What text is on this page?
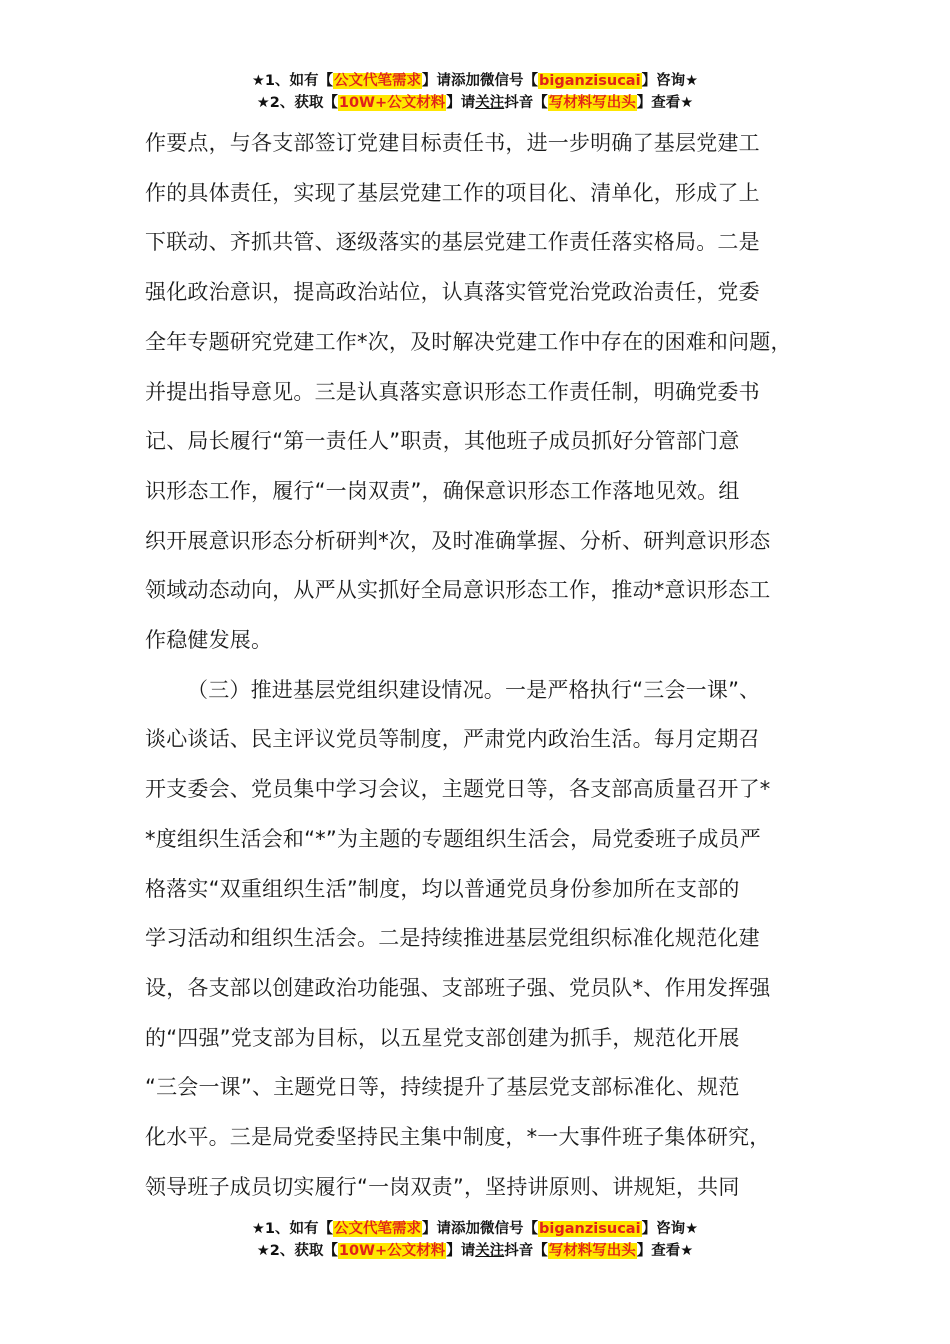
★1、如有【公文代笔需求】请添加微信号【biganzisucai】咨询★
★2、获取【10W+公文材料】请关注抖音【写材料写出头】查看★

作要点，与各支部签订党建目标责任书，进一步明确了基层党建工
作的具体责任，实现了基层党建工作的项目化、清单化，形成了上
下联动、齐抓共管、逐级落实的基层党建工作责任落实格局。二是
强化政治意识，提高政治站位，认真落实管党治党政治责任，党委
全年专题研究党建工作*次，及时解决党建工作中存在的困难和问题，
并提出指导意见。三是认真落实意识形态工作责任制，明确党委书
记、局长履行“第一责任人”职责，其他班子成员抓好分管部门意
识形态工作，履行“一岗双责”，确保意识形态工作落地见效。组
织开展意识形态分析研判*次，及时准确掌握、分析、研判意识形态
领域动态动向，从严从实抓好全局意识形态工作，推动*意识形态工
作稳健发展。

（三）推进基层党组织建设情况。一是严格执行“三会一课”、
谈心谈话、民主评议党员等制度，严肃党内政治生活。每月定期召
开支委会、党员集中学习会议，主题党日等，各支部高质量召开了*
*度组织生活会和“*”为主题的专题组织生活会，局党委班子成员严
格落实“双重组织生活”制度，均以普通党员身份参加所在支部的
学习活动和组织生活会。二是持续推进基层党组织标准化规范化建
设，各支部以创建政治功能强、支部班子强、党员队*、作用发挥强
的“四强”党支部为目标，以五星党支部创建为抓手，规范化开展
“三会一课”、主题党日等，持续提升了基层党支部标准化、规范
化水平。三是局党委坚持民主集中制度，*一大事件班子集体研究，
领导班子成员切实履行“一岗双责”，坚持讲原则、讲规矩，共同

★1、如有【公文代笔需求】请添加微信号【biganzisucai】咨询★
★2、获取【10W+公文材料】请关注抖音【写材料写出头】查看★
